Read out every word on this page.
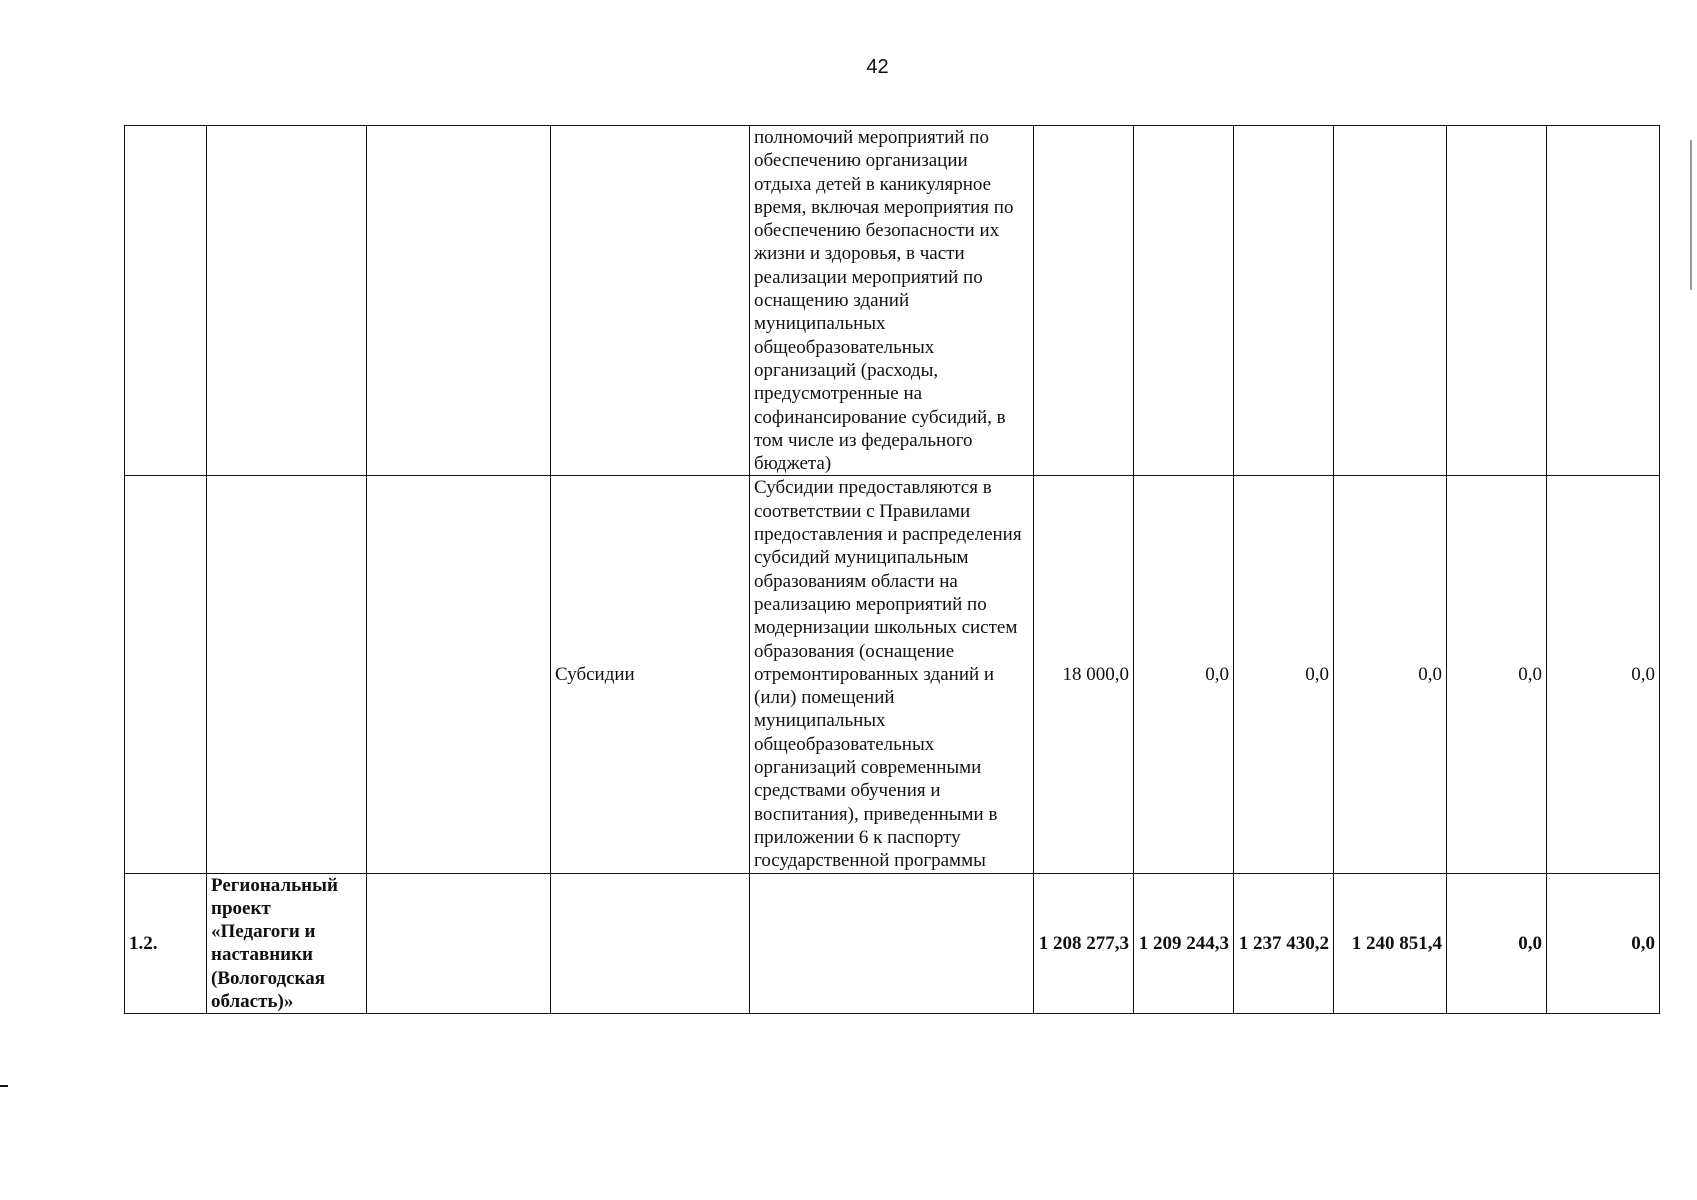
42
				полномочий мероприятий по обеспечению организации отдыха детей в каникулярное время, включая мероприятия по обеспечению безопасности их жизни и здоровья, в части реализации мероприятий по оснащению зданий муниципальных общеобразовательных организаций (расходы, предусмотренные на софинансирование субсидий, в том числе из федерального бюджета)						
			Субсидии	Субсидии предоставляются в соответствии с Правилами предоставления и распределения субсидий муниципальным образованиям области на реализацию мероприятий по модернизации школьных систем образования (оснащение отремонтированных зданий и (или) помещений муниципальных общеобразовательных организаций современными средствами обучения и воспитания), приведенными в приложении 6 к паспорту государственной программы	18 000,0	0,0	0,0	0,0	0,0	0,0
1.2.	Региональный проект «Педагоги и наставники (Вологодская область)»				1 208 277,3	1 209 244,3	1 237 430,2	1 240 851,4	0,0	0,0
